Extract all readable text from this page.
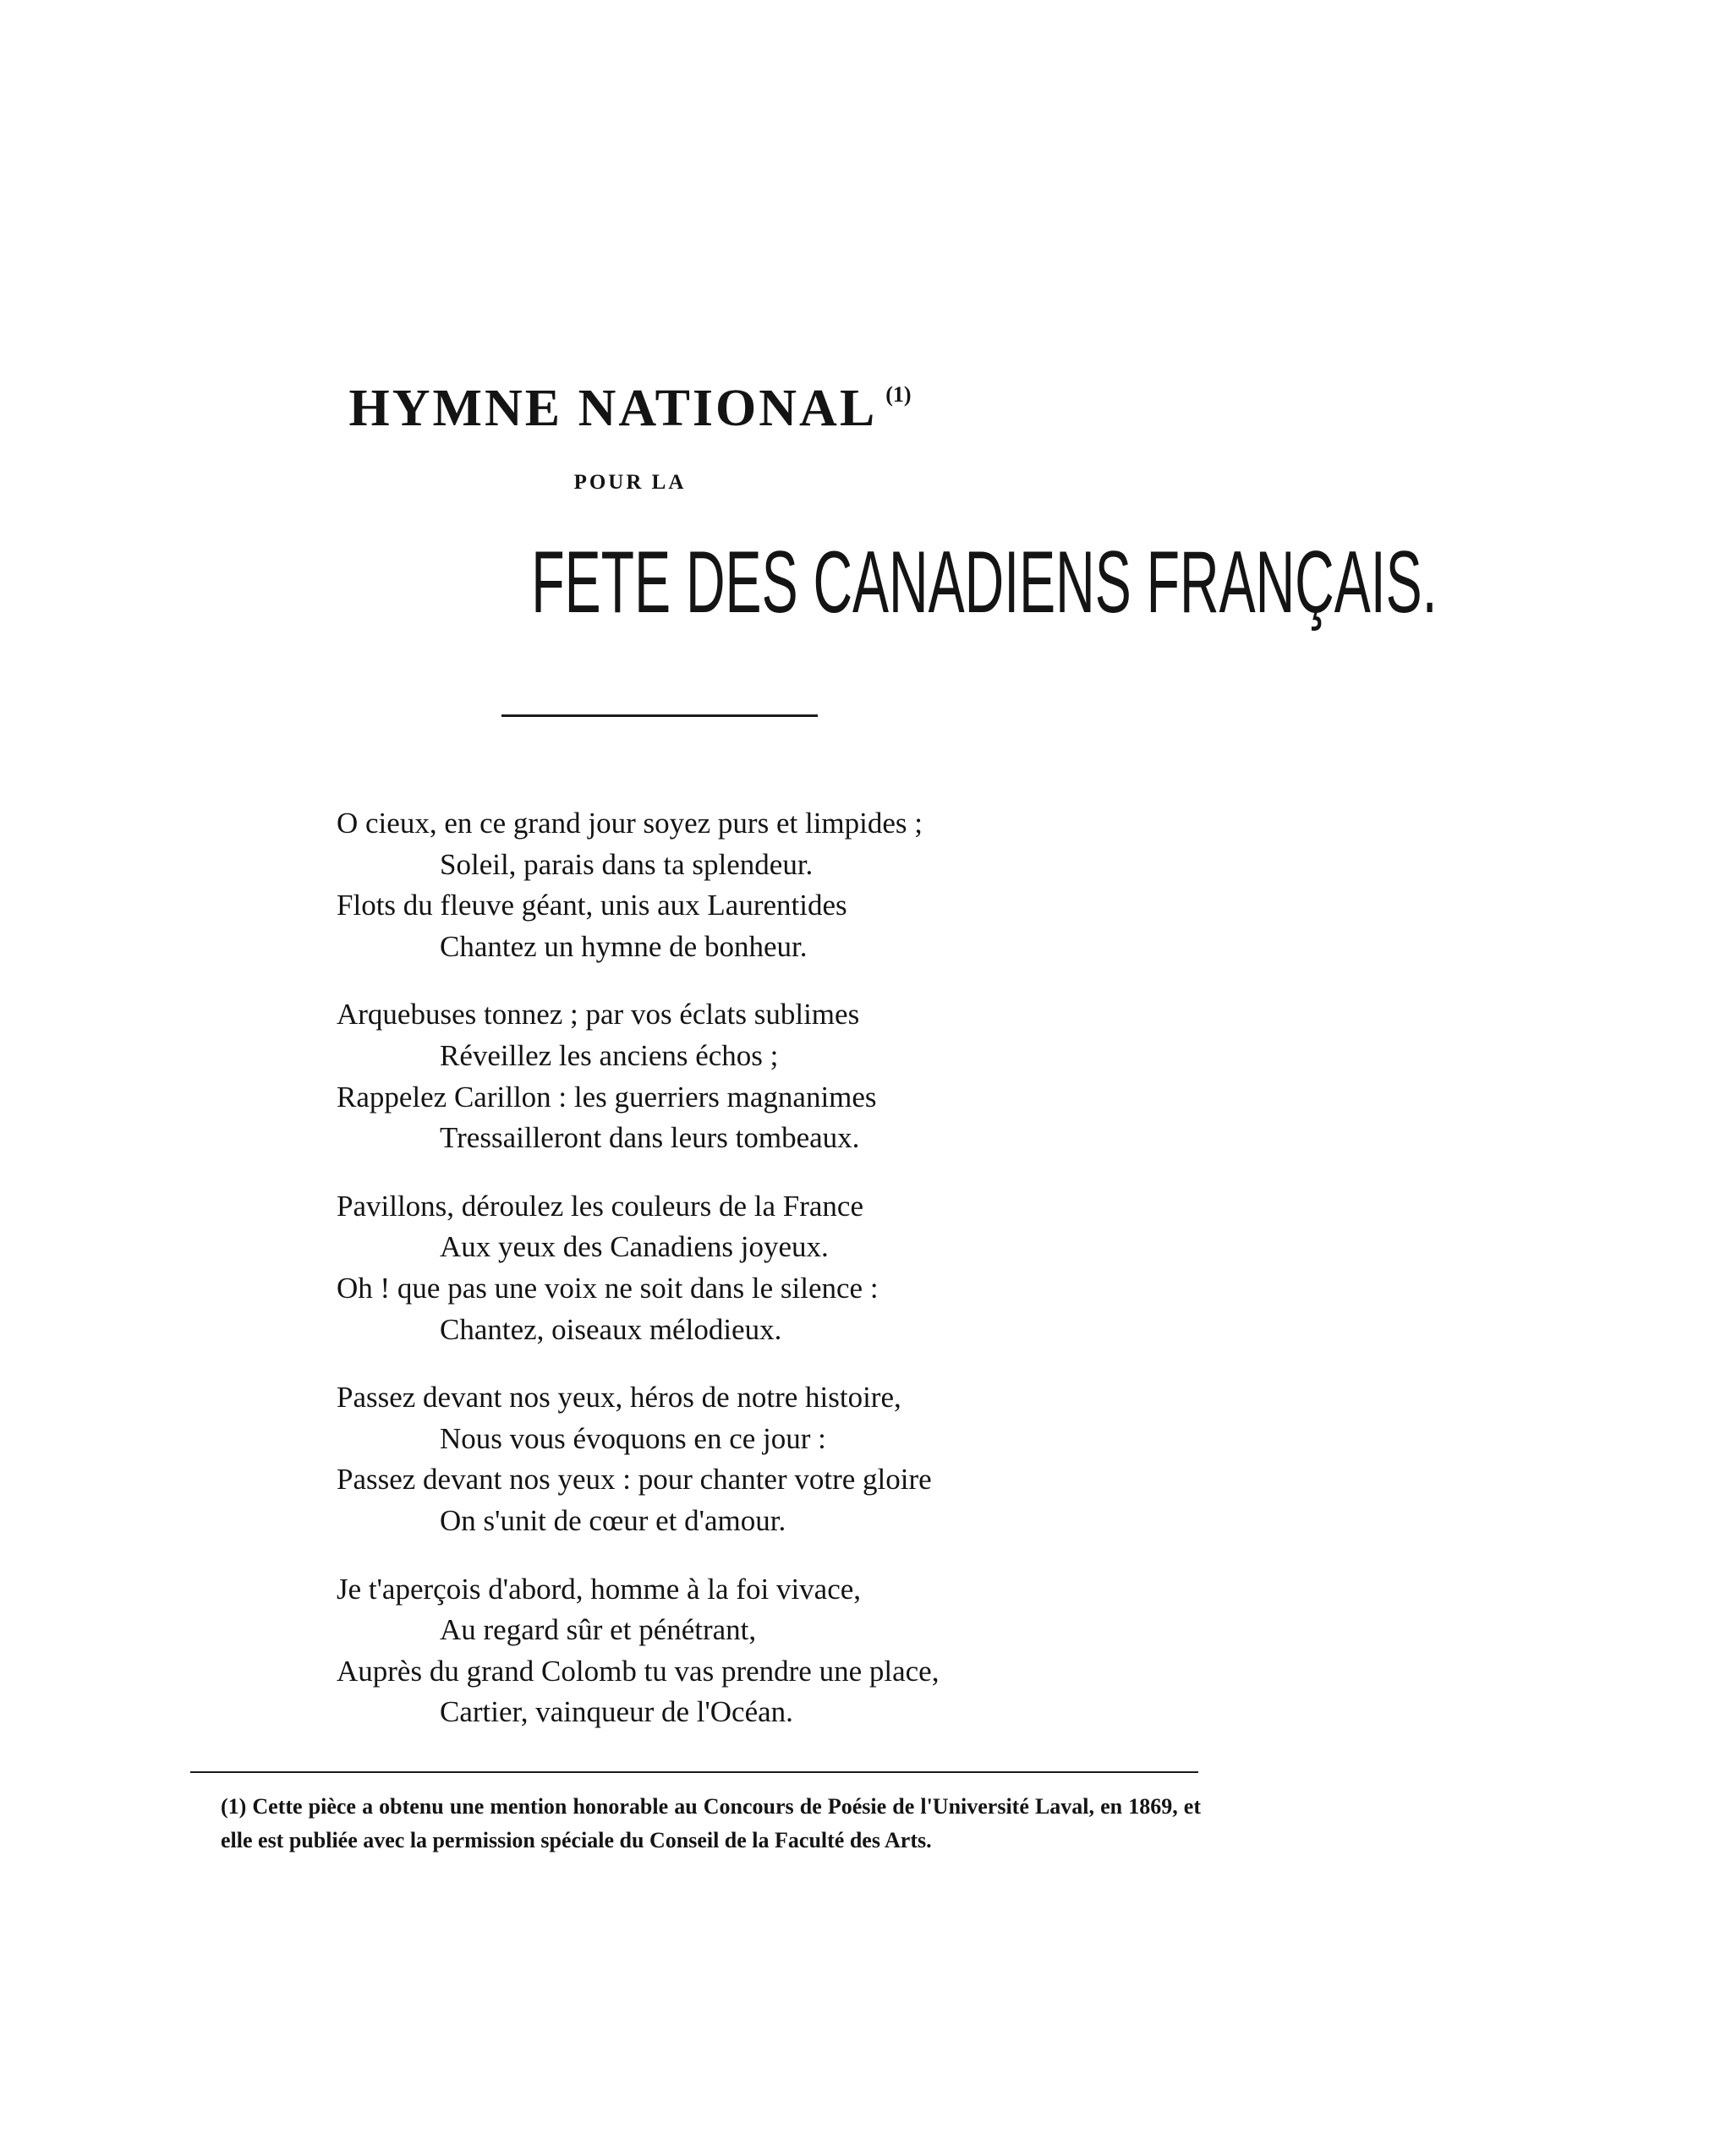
HYMNE NATIONAL $^{(1)}$
POUR LA
FETE DES CANADIENS FRANÇAIS.
O cieux, en ce grand jour soyez purs et limpides ;
Soleil, parais dans ta splendeur.
Flots du fleuve géant, unis aux Laurentides
Chantez un hymne de bonheur.
Arquebuses tonnez ; par vos éclats sublimes
Réveillez les anciens échos ;
Rappelez Carillon : les guerriers magnanimes
Tressailleront dans leurs tombeaux.
Pavillons, déroulez les couleurs de la France
Aux yeux des Canadiens joyeux.
Oh ! que pas une voix ne soit dans le silence :
Chantez, oiseaux mélodieux.
Passez devant nos yeux, héros de notre histoire,
Nous vous évoquons en ce jour :
Passez devant nos yeux : pour chanter votre gloire
On s'unit de cœur et d'amour.
Je t'aperçois d'abord, homme à la foi vivace,
Au regard sûr et pénétrant,
Auprès du grand Colomb tu vas prendre une place,
Cartier, vainqueur de l'Océan.
(1) Cette pièce a obtenu une mention honorable au Concours de Poésie de l'Université Laval, en 1869, et elle est publiée avec la permission spéciale du Conseil de la Faculté des Arts.
